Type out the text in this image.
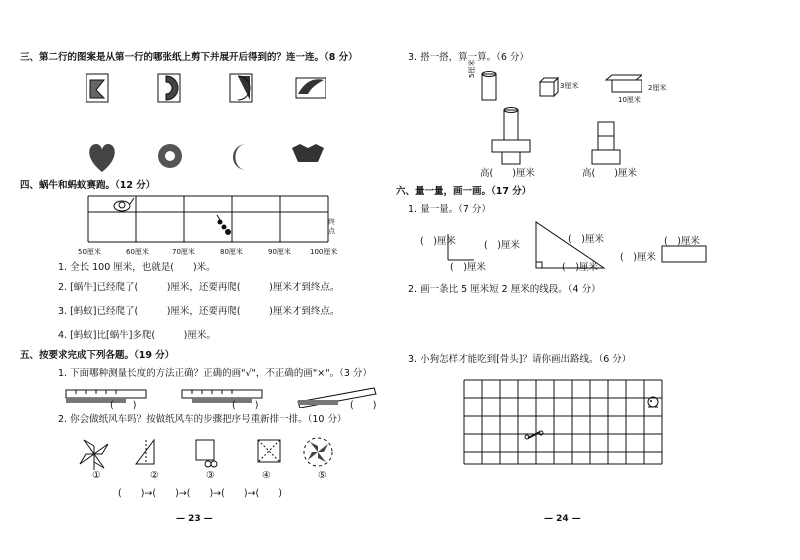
三、第二行的图案是从第一行的哪张纸上剪下并展开后得到的？连一连。（8 分）
四、蜗牛和蚂蚁赛跑。（12 分）
终
点
50厘米	60厘米	70厘米	80厘米	90厘米	100厘米
1. 全长 100 厘米，也就是(　　)米。
2. [蜗牛]已经爬了(　　　)厘米，还要再爬(　　　)厘米才到终点。
3. [蚂蚁]已经爬了(　　　)厘米，还要再爬(　　　)厘米才到终点。
4. [蚂蚁]比[蜗牛]多爬(　　　)厘米。
五、按要求完成下列各题。（19 分）
1. 下面哪种测量长度的方法正确？正确的画"√"，不正确的画"×"。（3 分）
(　　)	(　　)	(　　)
2. 你会做纸风车吗？按做纸风车的步骤把序号重新排一排。（10 分）
①	②	③	④	⑤
(　　)→(　　)→(　　)→(　　)→(　　)
— 23 —
3. 搭一搭，算一算。（6 分）
5厘米
3厘米
10厘米
2厘米
高(　　)厘米	高(　　)厘米
六、量一量，画一画。（17 分）
1. 量一量。（7 分）
(　)厘米	(　)厘米
(　)厘米
(　)厘米
(　)厘米
(　)厘米
(　)厘米
2. 画一条比 5 厘米短 2 厘米的线段。（4 分）
3. 小狗怎样才能吃到[骨头]？请你画出路线。（6 分）
— 24 —
